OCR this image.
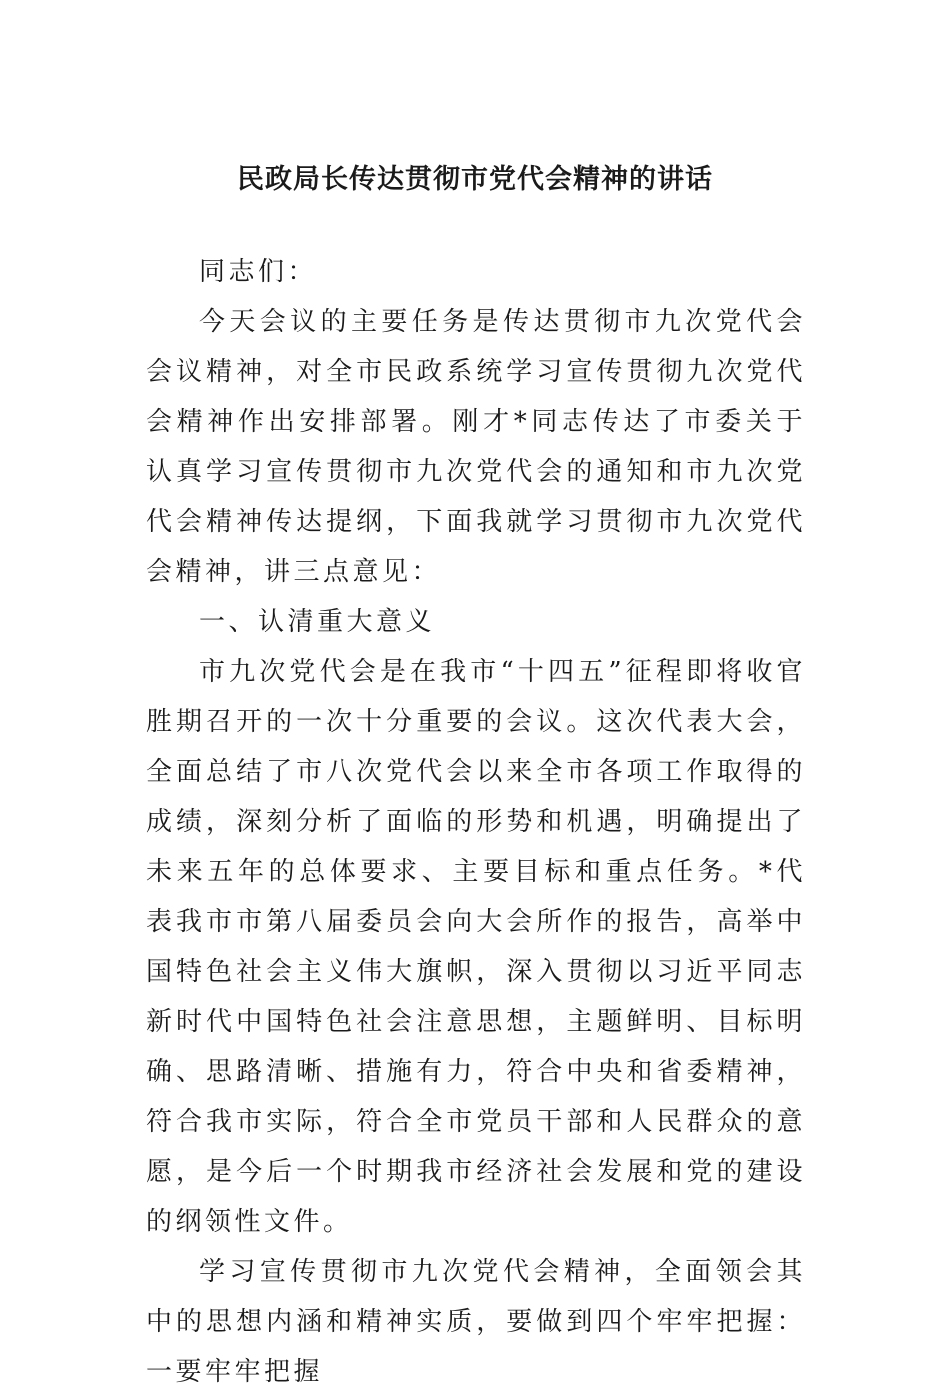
民政局长传达贯彻市党代会精神的讲话

同志们：

今天会议的主要任务是传达贯彻市九次党代会会议精神，对全市民政系统学习宣传贯彻九次党代会精神作出安排部署。刚才*同志传达了市委关于认真学习宣传贯彻市九次党代会的通知和市九次党代会精神传达提纲，下面我就学习贯彻市九次党代会精神，讲三点意见：

一、认清重大意义

市九次党代会是在我市“十四五”征程即将收官胜期召开的一次十分重要的会议。这次代表大会，全面总结了市八次党代会以来全市各项工作取得的成绩，深刻分析了面临的形势和机遇，明确提出了未来五年的总体要求、主要目标和重点任务。*代表我市市第八届委员会向大会所作的报告，高举中国特色社会主义伟大旗帜，深入贯彻以习近平同志新时代中国特色社会注意思想，主题鲜明、目标明确、思路清晰、措施有力，符合中央和省委精神，符合我市实际，符合全市党员干部和人民群众的意愿，是今后一个时期我市经济社会发展和党的建设的纲领性文件。

学习宣传贯彻市九次党代会精神，全面领会其中的思想内涵和精神实质，要做到四个牢牢把握：一要牢牢把握
